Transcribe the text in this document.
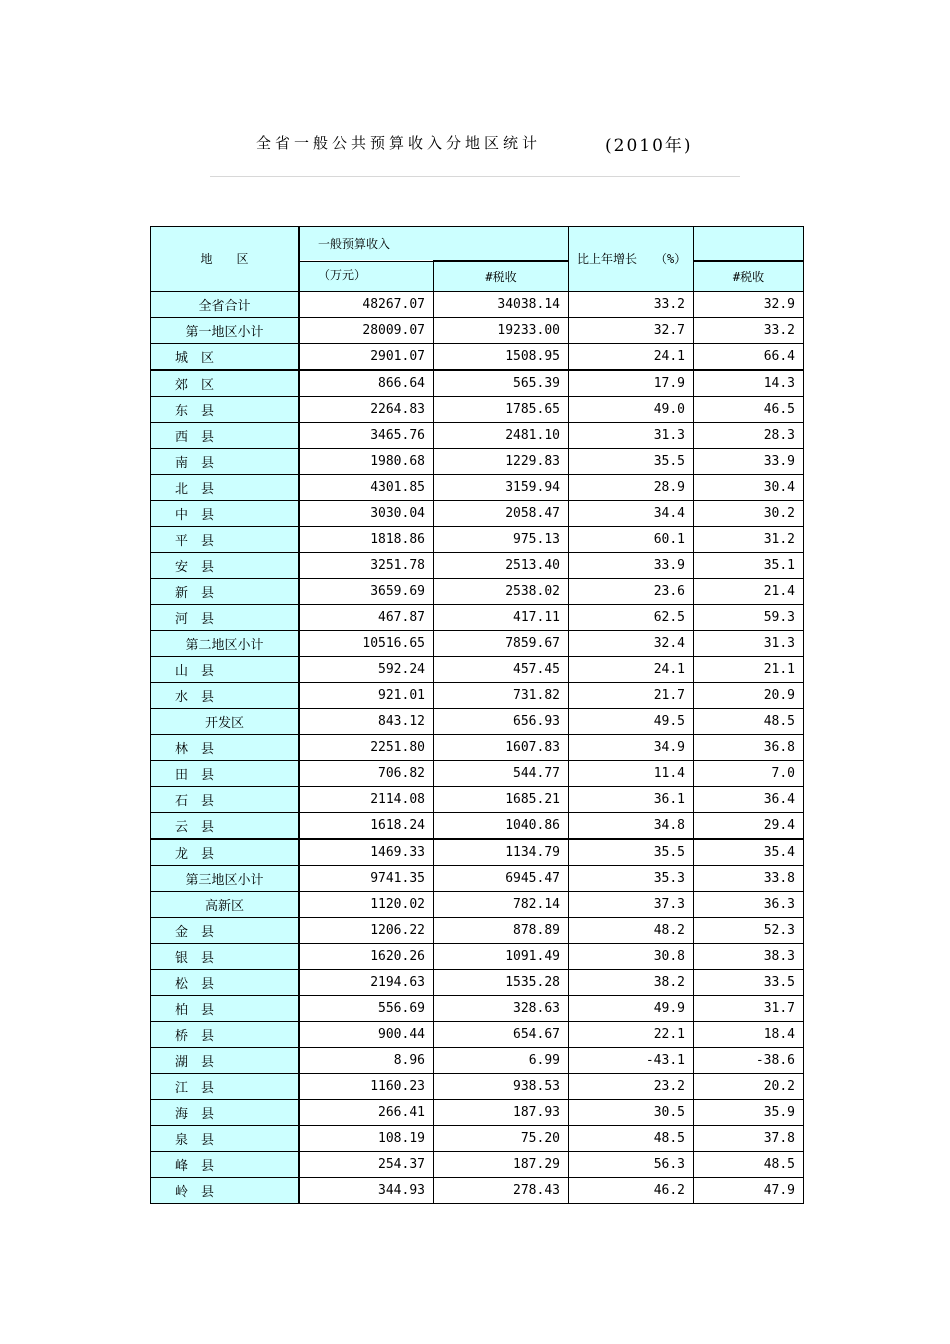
全省一般公共预算收入分地区统计	(2010年)
地　　区	一般预算收入		比上年增长　　（%）	
	（万元）	#税收		#税收
全省合计	48267.07	34038.14	33.2	32.9
第一地区小计	28009.07	19233.00	32.7	33.2
城　区	2901.07	1508.95	24.1	66.4
郊　区	866.64	565.39	17.9	14.3
东　县	2264.83	1785.65	49.0	46.5
西　县	3465.76	2481.10	31.3	28.3
南　县	1980.68	1229.83	35.5	33.9
北　县	4301.85	3159.94	28.9	30.4
中　县	3030.04	2058.47	34.4	30.2
平　县	1818.86	975.13	60.1	31.2
安　县	3251.78	2513.40	33.9	35.1
新　县	3659.69	2538.02	23.6	21.4
河　县	467.87	417.11	62.5	59.3
第二地区小计	10516.65	7859.67	32.4	31.3
山　县	592.24	457.45	24.1	21.1
水　县	921.01	731.82	21.7	20.9
开发区	843.12	656.93	49.5	48.5
林　县	2251.80	1607.83	34.9	36.8
田　县	706.82	544.77	11.4	7.0
石　县	2114.08	1685.21	36.1	36.4
云　县	1618.24	1040.86	34.8	29.4
龙　县	1469.33	1134.79	35.5	35.4
第三地区小计	9741.35	6945.47	35.3	33.8
高新区	1120.02	782.14	37.3	36.3
金　县	1206.22	878.89	48.2	52.3
银　县	1620.26	1091.49	30.8	38.3
松　县	2194.63	1535.28	38.2	33.5
柏　县	556.69	328.63	49.9	31.7
桥　县	900.44	654.67	22.1	18.4
湖　县	8.96	6.99	-43.1	-38.6
江　县	1160.23	938.53	23.2	20.2
海　县	266.41	187.93	30.5	35.9
泉　县	108.19	75.20	48.5	37.8
峰　县	254.37	187.29	56.3	48.5
岭　县	344.93	278.43	46.2	47.9
